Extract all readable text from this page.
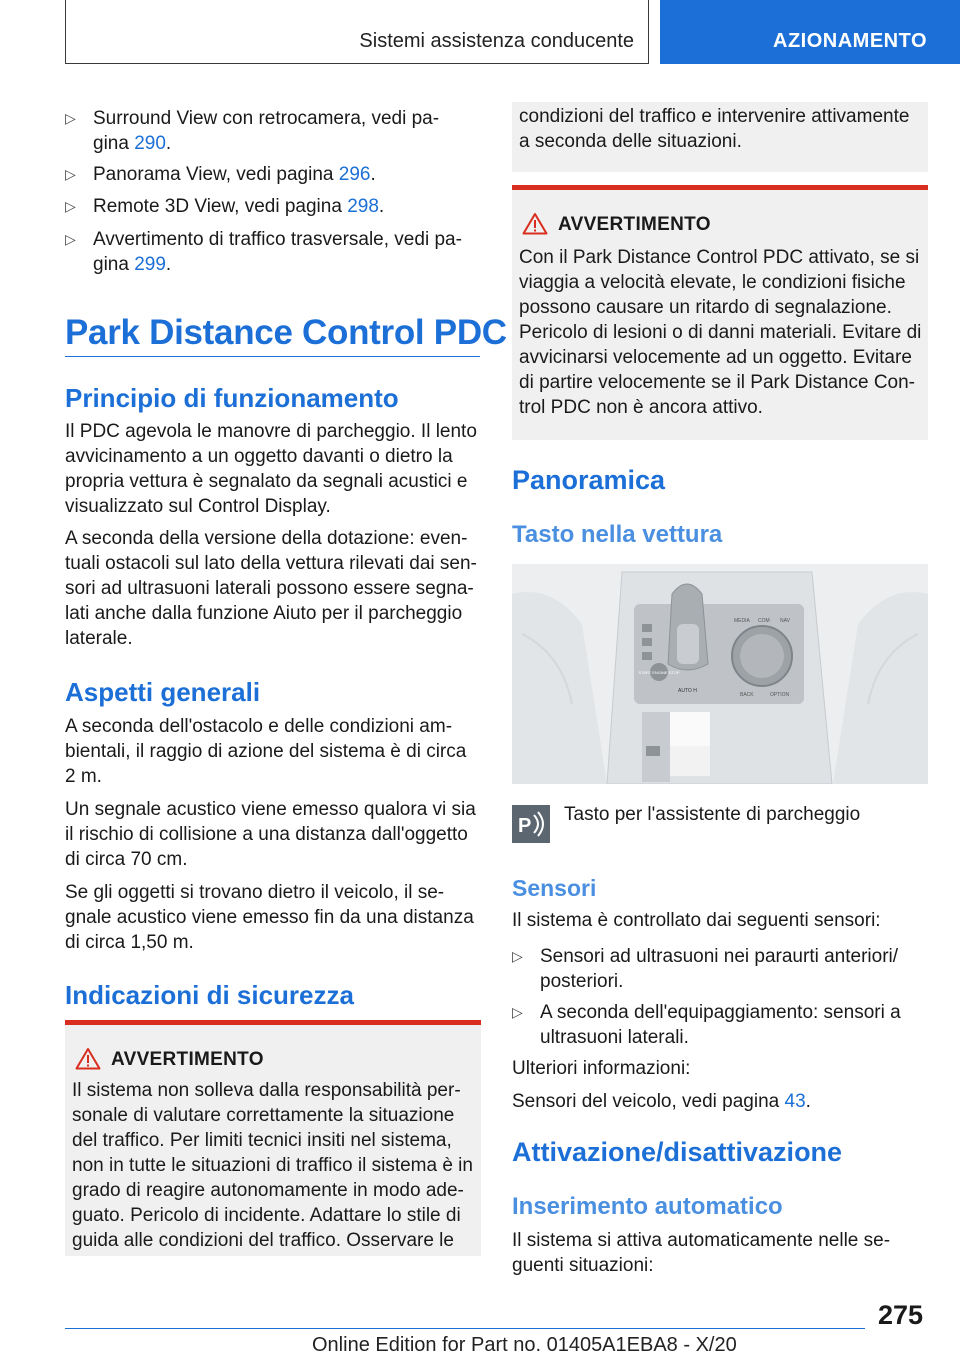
Sistemi assistenza conducente	AZIONAMENTO
▷ Surround View con retrocamera, vedi pa-
gina 290.
▷ Panorama View, vedi pagina 296.
▷ Remote 3D View, vedi pagina 298.
▷ Avvertimento di traffico trasversale, vedi pa-
gina 299.
Park Distance Control PDC
Principio di funzionamento
Il PDC agevola le manovre di parcheggio. Il lento
avvicinamento a un oggetto davanti o dietro la
propria vettura è segnalato da segnali acustici e
visualizzato sul Control Display.
A seconda della versione della dotazione: even-
tuali ostacoli sul lato della vettura rilevati dai sen-
sori ad ultrasuoni laterali possono essere segna-
lati anche dalla funzione Aiuto per il parcheggio
laterale.
Aspetti generali
A seconda dell'ostacolo e delle condizioni am-
bientali, il raggio di azione del sistema è di circa
2 m.
Un segnale acustico viene emesso qualora vi sia
il rischio di collisione a una distanza dall'oggetto
di circa 70 cm.
Se gli oggetti si trovano dietro il veicolo, il se-
gnale acustico viene emesso fin da una distanza
di circa 1,50 m.
Indicazioni di sicurezza
AVVERTIMENTO
Il sistema non solleva dalla responsabilità per-
sonale di valutare correttamente la situazione
del traffico. Per limiti tecnici insiti nel sistema,
non in tutte le situazioni di traffico il sistema è in
grado di reagire autonomamente in modo ade-
guato. Pericolo di incidente. Adattare lo stile di
guida alle condizioni del traffico. Osservare le
condizioni del traffico e intervenire attivamente
a seconda delle situazioni.
AVVERTIMENTO
Con il Park Distance Control PDC attivato, se si
viaggia a velocità elevate, le condizioni fisiche
possono causare un ritardo di segnalazione.
Pericolo di lesioni o di danni materiali. Evitare di
avvicinarsi velocemente ad un oggetto. Evitare
di partire velocemente se il Park Distance Con-
trol PDC non è ancora attivo.
Panoramica
Tasto nella vettura
START ENGINE STOP
MEDIA COM NAV
BACK	OPTION
AUTO H
P
Tasto per l'assistente di parcheggio
Sensori
Il sistema è controllato dai seguenti sensori:
▷ Sensori ad ultrasuoni nei paraurti anteriori/
posteriori.
▷ A seconda dell'equipaggiamento: sensori a
ultrasuoni laterali.
Ulteriori informazioni:
Sensori del veicolo, vedi pagina 43.
Attivazione/disattivazione
Inserimento automatico
Il sistema si attiva automaticamente nelle se-
guenti situazioni:
275
Online Edition for Part no. 01405A1EBA8 - X/20
